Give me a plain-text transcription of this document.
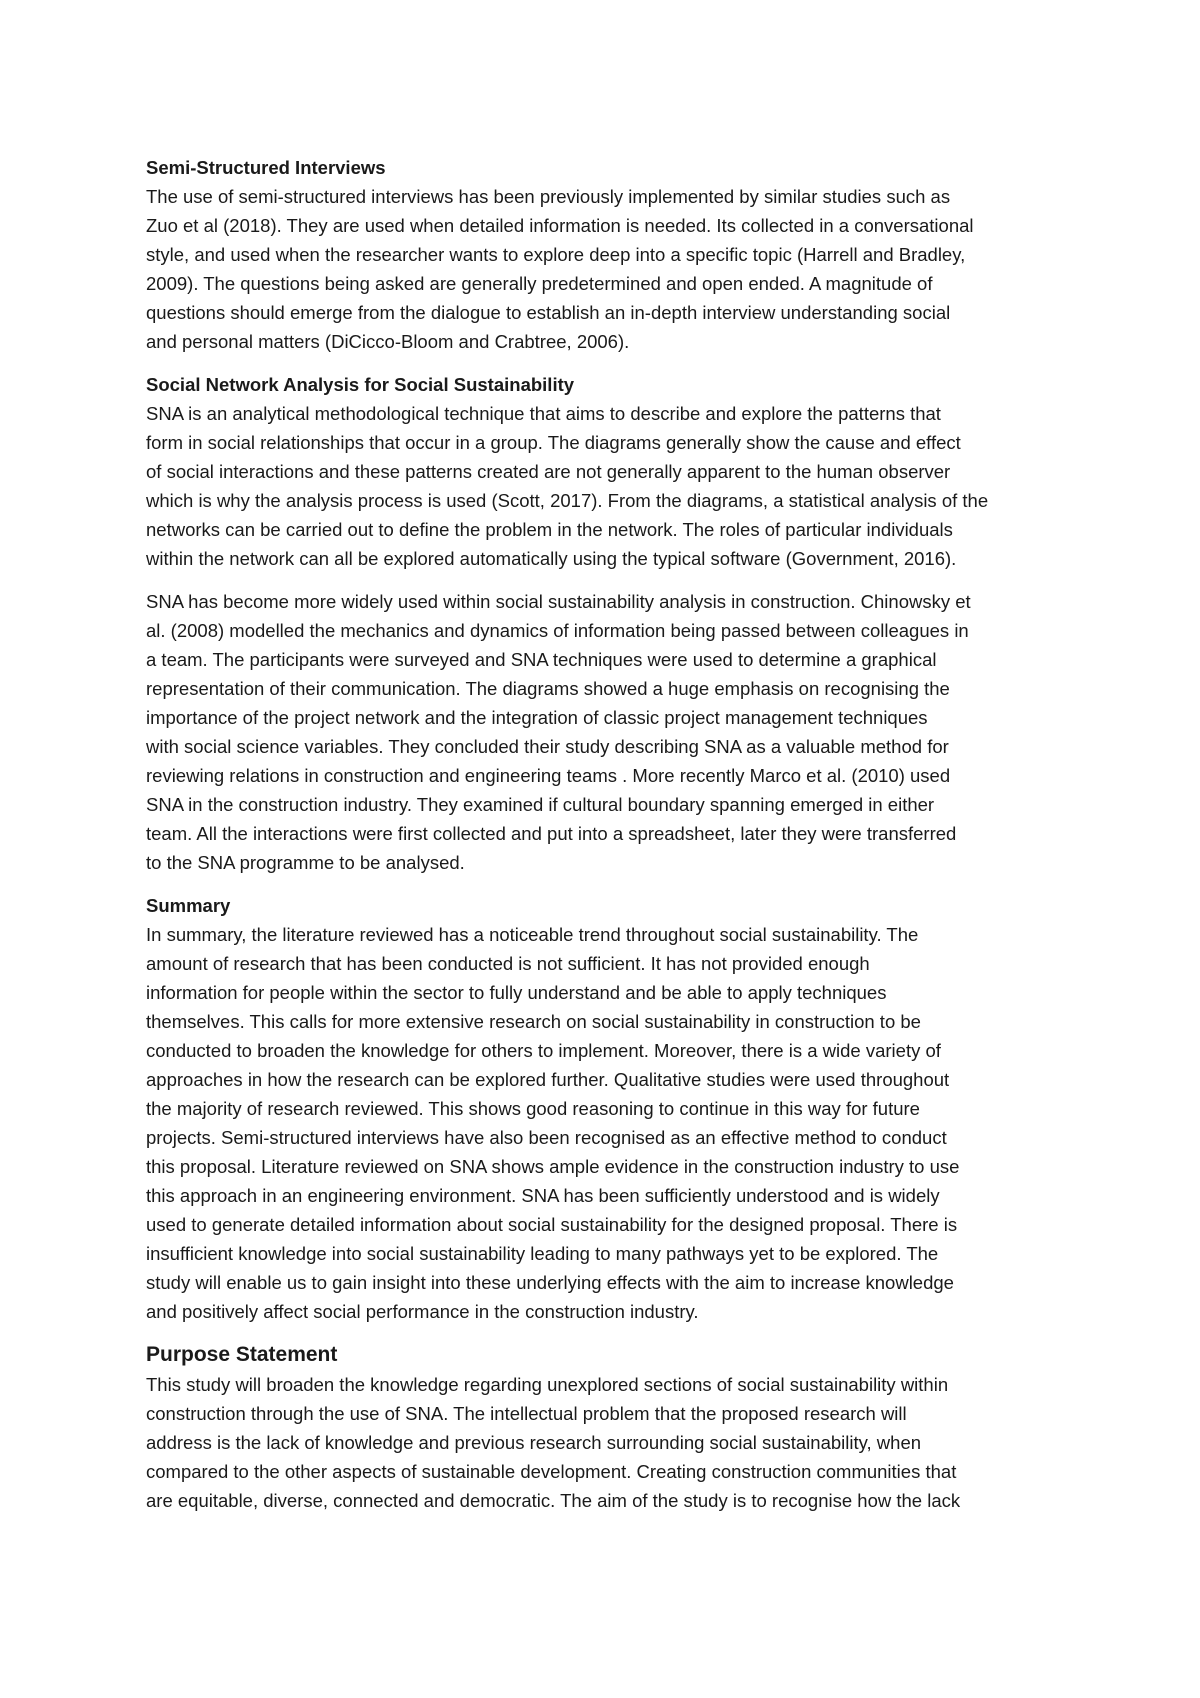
Semi-Structured Interviews

The use of semi-structured interviews has been previously implemented by similar studies such as
Zuo et al (2018). They are used when detailed information is needed. Its collected in a conversational
style, and used when the researcher wants to explore deep into a specific topic (Harrell and Bradley,
2009). The questions being asked are generally predetermined and open ended. A magnitude of
questions should emerge from the dialogue to establish an in-depth interview understanding social
and personal matters (DiCicco-Bloom and Crabtree, 2006).

Social Network Analysis for Social Sustainability

SNA is an analytical methodological technique that aims to describe and explore the patterns that
form in social relationships that occur in a group. The diagrams generally show the cause and effect
of social interactions and these patterns created are not generally apparent to the human observer
which is why the analysis process is used (Scott, 2017). From the diagrams, a statistical analysis of the
networks can be carried out to define the problem in the network. The roles of particular individuals
within the network can all be explored automatically using the typical software (Government, 2016).

SNA has become more widely used within social sustainability analysis in construction. Chinowsky et
al. (2008) modelled the mechanics and dynamics of information being passed between colleagues in
a team. The participants were surveyed and SNA techniques were used to determine a graphical
representation of their communication. The diagrams showed a huge emphasis on recognising the
importance of the project network and the integration of classic project management techniques
with social science variables. They concluded their study describing SNA as a valuable method for
reviewing relations in construction and engineering teams . More recently Marco et al. (2010) used
SNA in the construction industry. They examined if cultural boundary spanning emerged in either
team. All the interactions were first collected and put into a spreadsheet, later they were transferred
to the SNA programme to be analysed.

Summary

In summary, the literature reviewed has a noticeable trend throughout social sustainability. The
amount of research that has been conducted is not sufficient. It has not provided enough
information for people within the sector to fully understand and be able to apply techniques
themselves. This calls for more extensive research on social sustainability in construction to be
conducted to broaden the knowledge for others to implement. Moreover, there is a wide variety of
approaches in how the research can be explored further. Qualitative studies were used throughout
the majority of research reviewed. This shows good reasoning to continue in this way for future
projects. Semi-structured interviews have also been recognised as an effective method to conduct
this proposal. Literature reviewed on SNA shows ample evidence in the construction industry to use
this approach in an engineering environment. SNA has been sufficiently understood and is widely
used to generate detailed information about social sustainability for the designed proposal. There is
insufficient knowledge into social sustainability leading to many pathways yet to be explored. The
study will enable us to gain insight into these underlying effects with the aim to increase knowledge
and positively affect social performance in the construction industry.

Purpose Statement

This study will broaden the knowledge regarding unexplored sections of social sustainability within
construction through the use of SNA. The intellectual problem that the proposed research will
address is the lack of knowledge and previous research surrounding social sustainability, when
compared to the other aspects of sustainable development. Creating construction communities that
are equitable, diverse, connected and democratic. The aim of the study is to recognise how the lack
